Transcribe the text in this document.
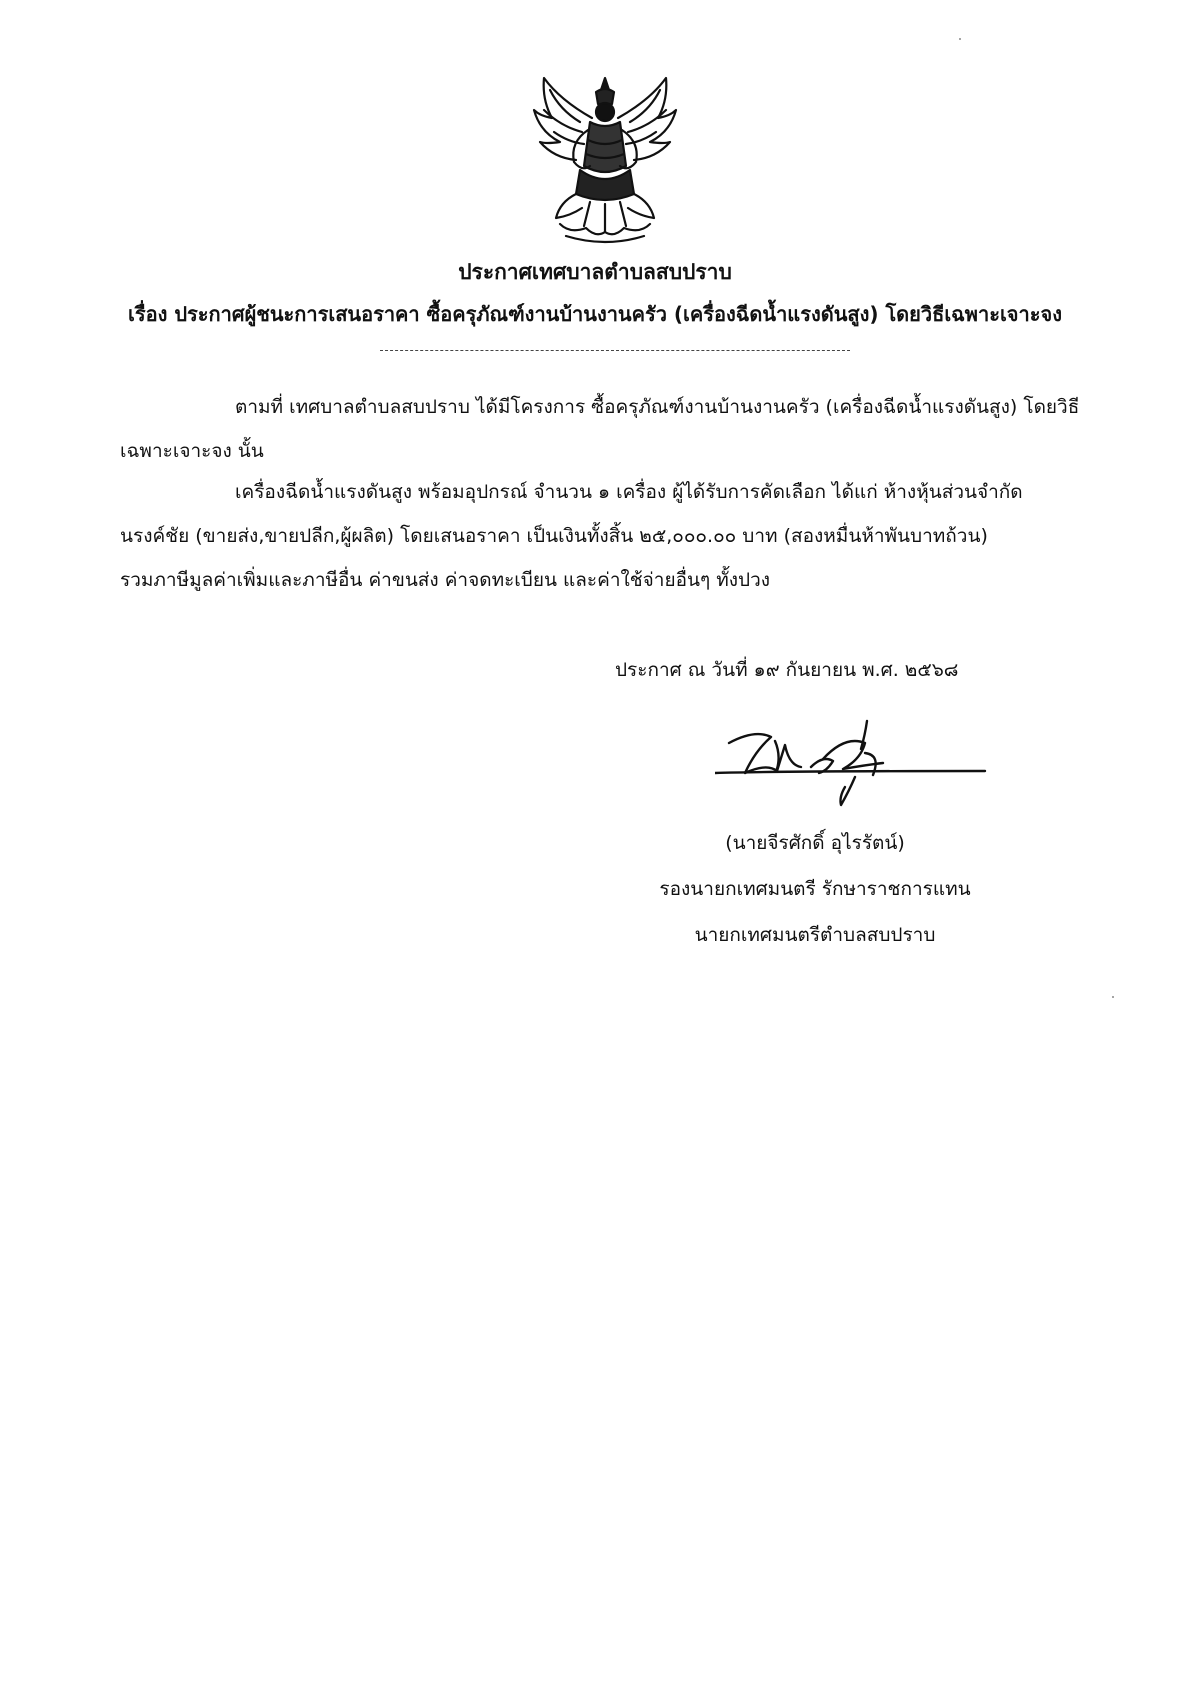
ประกาศเทศบาลตำบลสบปราบ
เรื่อง ประกาศผู้ชนะการเสนอราคา ซื้อครุภัณฑ์งานบ้านงานครัว (เครื่องฉีดน้ำแรงดันสูง) โดยวิธีเฉพาะเจาะจง
ตามที่ เทศบาลตำบลสบปราบ ได้มีโครงการ ซื้อครุภัณฑ์งานบ้านงานครัว (เครื่องฉีดน้ำแรงดันสูง) โดยวิธี
เฉพาะเจาะจง นั้น
เครื่องฉีดน้ำแรงดันสูง พร้อมอุปกรณ์ จำนวน ๑ เครื่อง ผู้ได้รับการคัดเลือก ได้แก่ ห้างหุ้นส่วนจำกัด
นรงค์ชัย (ขายส่ง,ขายปลีก,ผู้ผลิต) โดยเสนอราคา เป็นเงินทั้งสิ้น ๒๕,๐๐๐.๐๐ บาท (สองหมื่นห้าพันบาทถ้วน)
รวมภาษีมูลค่าเพิ่มและภาษีอื่น ค่าขนส่ง ค่าจดทะเบียน และค่าใช้จ่ายอื่นๆ ทั้งปวง
ประกาศ ณ วันที่ ๑๙ กันยายน พ.ศ. ๒๕๖๘
(นายจีรศักดิ์ อุไรรัตน์)
รองนายกเทศมนตรี รักษาราชการแทน
นายกเทศมนตรีตำบลสบปราบ
